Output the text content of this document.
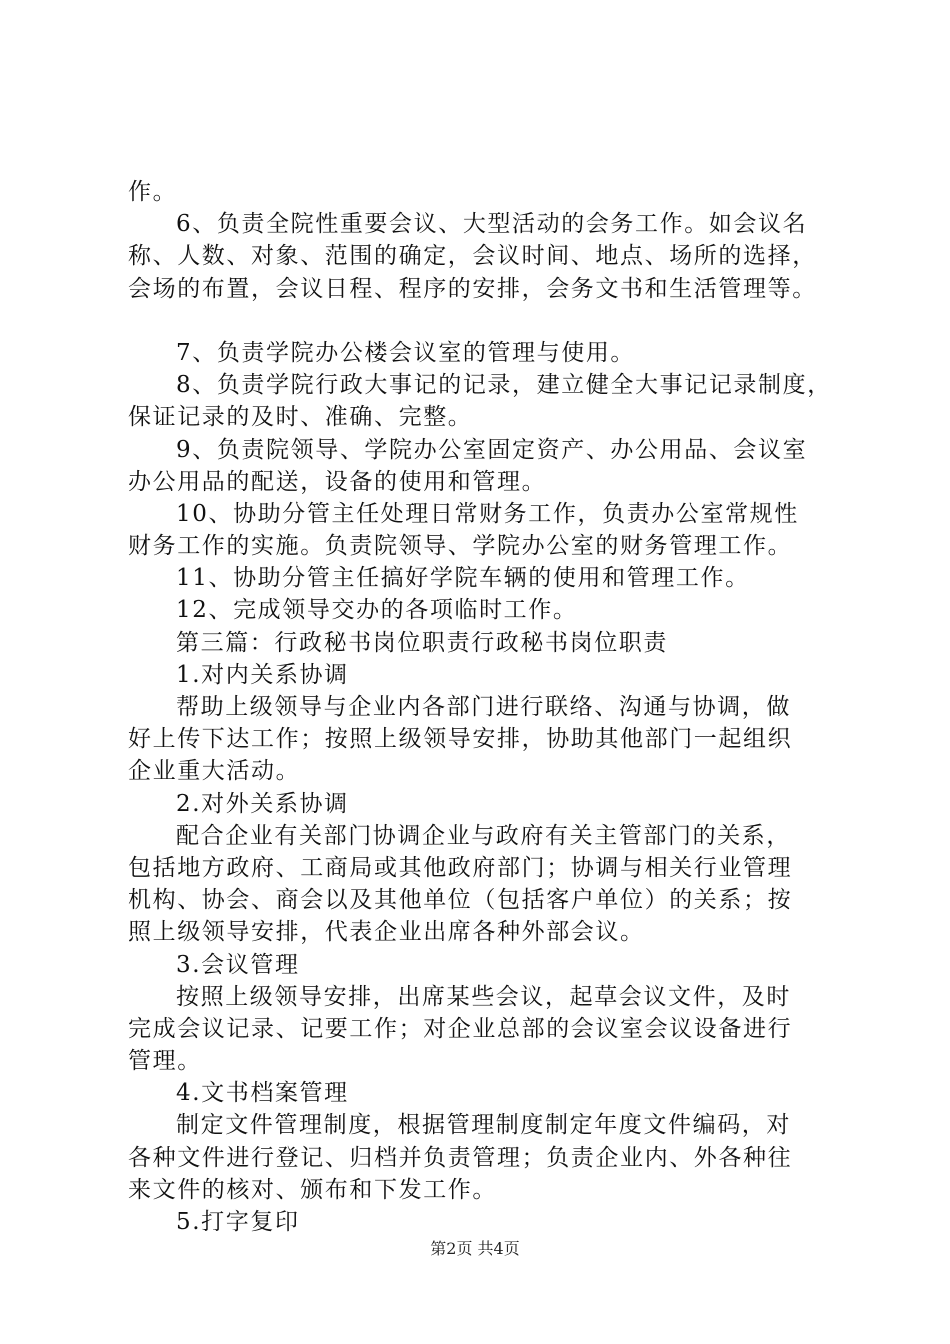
作。
6、负责全院性重要会议、大型活动的会务工作。如会议名
称、人数、对象、范围的确定，会议时间、地点、场所的选择，
会场的布置，会议日程、程序的安排，会务文书和生活管理等。
7、负责学院办公楼会议室的管理与使用。
8、负责学院行政大事记的记录，建立健全大事记记录制度，
保证记录的及时、准确、完整。
9、负责院领导、学院办公室固定资产、办公用品、会议室
办公用品的配送，设备的使用和管理。
10、协助分管主任处理日常财务工作，负责办公室常规性
财务工作的实施。负责院领导、学院办公室的财务管理工作。
11、协助分管主任搞好学院车辆的使用和管理工作。
12、完成领导交办的各项临时工作。
第三篇：行政秘书岗位职责行政秘书岗位职责
1.对内关系协调
帮助上级领导与企业内各部门进行联络、沟通与协调，做
好上传下达工作；按照上级领导安排，协助其他部门一起组织
企业重大活动。
2.对外关系协调
配合企业有关部门协调企业与政府有关主管部门的关系，
包括地方政府、工商局或其他政府部门；协调与相关行业管理
机构、协会、商会以及其他单位（包括客户单位）的关系；按
照上级领导安排，代表企业出席各种外部会议。
3.会议管理
按照上级领导安排，出席某些会议，起草会议文件，及时
完成会议记录、记要工作；对企业总部的会议室会议设备进行
管理。
4.文书档案管理
制定文件管理制度，根据管理制度制定年度文件编码，对
各种文件进行登记、归档并负责管理；负责企业内、外各种往
来文件的核对、颁布和下发工作。
5.打字复印
第2页 共4页
